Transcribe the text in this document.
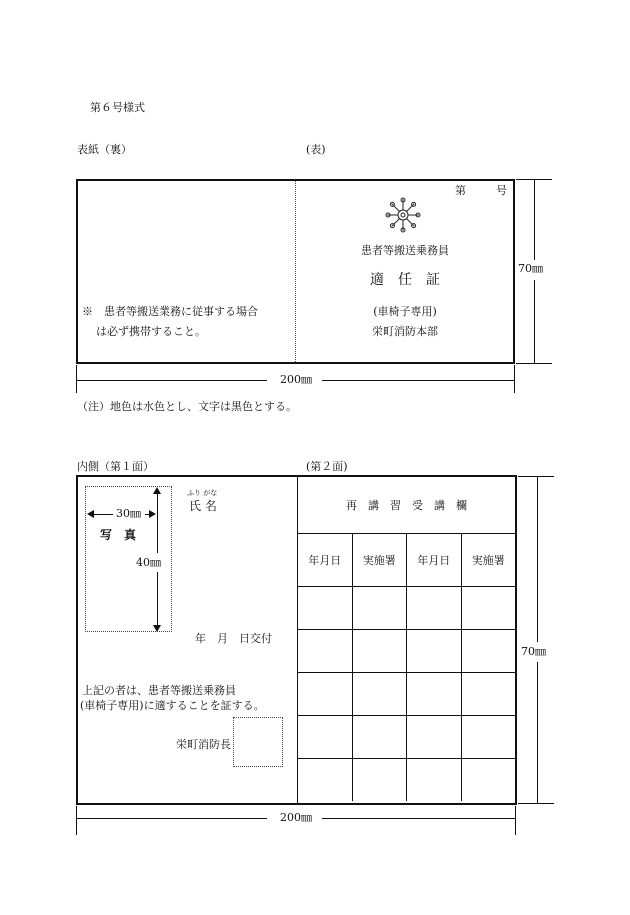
第６号様式
表紙（裏）	(表)
第	号
患者等搬送乗務員
適　任　証
(車椅子専用)
栄町消防本部
※　患者等搬送業務に従事する場合
は必ず携帯すること。
70㎜
200㎜
（注）地色は水色とし、文字は黒色とする。
内側（第１面）	(第２面)
写　真
30㎜
40㎜
ふり がな
氏 名
年　月　日交付
上記の者は、患者等搬送乗務員
(車椅子専用)に適することを証する。
栄町消防長
再　講　習　受　講　欄			
年月日	実施署	年月日	実施署

70㎜
200㎜
